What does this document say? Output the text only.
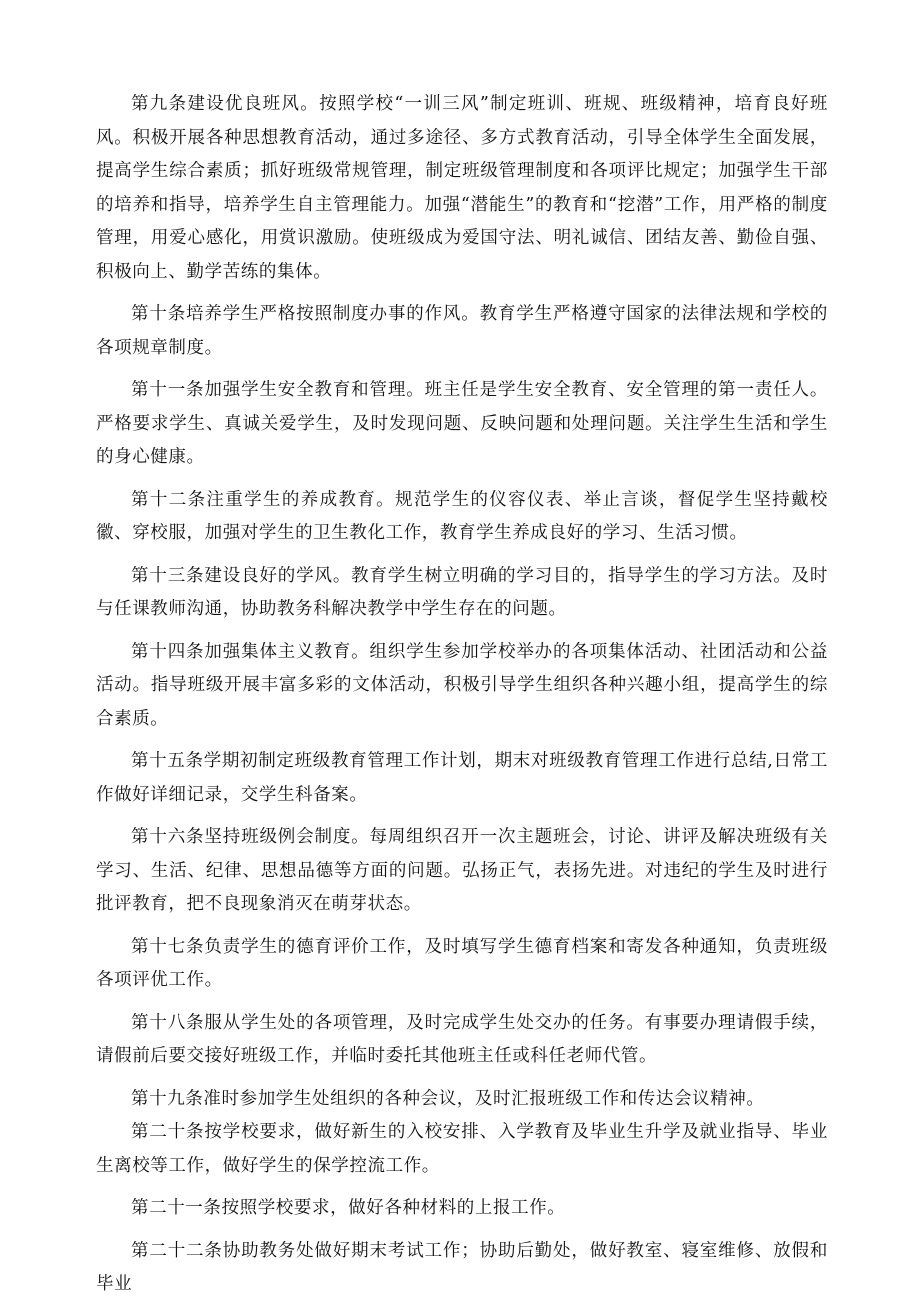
第九条建设优良班风。按照学校“一训三风”制定班训、班规、班级精神，培育良好班风。积极开展各种思想教育活动，通过多途径、多方式教育活动，引导全体学生全面发展，提高学生综合素质；抓好班级常规管理，制定班级管理制度和各项评比规定；加强学生干部的培养和指导，培养学生自主管理能力。加强“潜能生”的教育和“挖潜”工作，用严格的制度管理，用爱心感化，用赏识激励。使班级成为爱国守法、明礼诚信、团结友善、勤俭自强、积极向上、勤学苦练的集体。

第十条培养学生严格按照制度办事的作风。教育学生严格遵守国家的法律法规和学校的各项规章制度。

第十一条加强学生安全教育和管理。班主任是学生安全教育、安全管理的第一责任人。严格要求学生、真诚关爱学生，及时发现问题、反映问题和处理问题。关注学生生活和学生的身心健康。

第十二条注重学生的养成教育。规范学生的仪容仪表、举止言谈，督促学生坚持戴校徽、穿校服，加强对学生的卫生教化工作，教育学生养成良好的学习、生活习惯。

第十三条建设良好的学风。教育学生树立明确的学习目的，指导学生的学习方法。及时与任课教师沟通，协助教务科解决教学中学生存在的问题。

第十四条加强集体主义教育。组织学生参加学校举办的各项集体活动、社团活动和公益活动。指导班级开展丰富多彩的文体活动，积极引导学生组织各种兴趣小组，提高学生的综合素质。

第十五条学期初制定班级教育管理工作计划，期末对班级教育管理工作进行总结,日常工作做好详细记录，交学生科备案。

第十六条坚持班级例会制度。每周组织召开一次主题班会，讨论、讲评及解决班级有关学习、生活、纪律、思想品德等方面的问题。弘扬正气，表扬先进。对违纪的学生及时进行批评教育，把不良现象消灭在萌芽状态。

第十七条负责学生的德育评价工作，及时填写学生德育档案和寄发各种通知，负责班级各项评优工作。

第十八条服从学生处的各项管理，及时完成学生处交办的任务。有事要办理请假手续，请假前后要交接好班级工作，并临时委托其他班主任或科任老师代管。

第十九条准时参加学生处组织的各种会议，及时汇报班级工作和传达会议精神。

第二十条按学校要求，做好新生的入校安排、入学教育及毕业生升学及就业指导、毕业生离校等工作，做好学生的保学控流工作。

第二十一条按照学校要求，做好各种材料的上报工作。

第二十二条协助教务处做好期末考试工作；协助后勤处，做好教室、寝室维修、放假和毕业
